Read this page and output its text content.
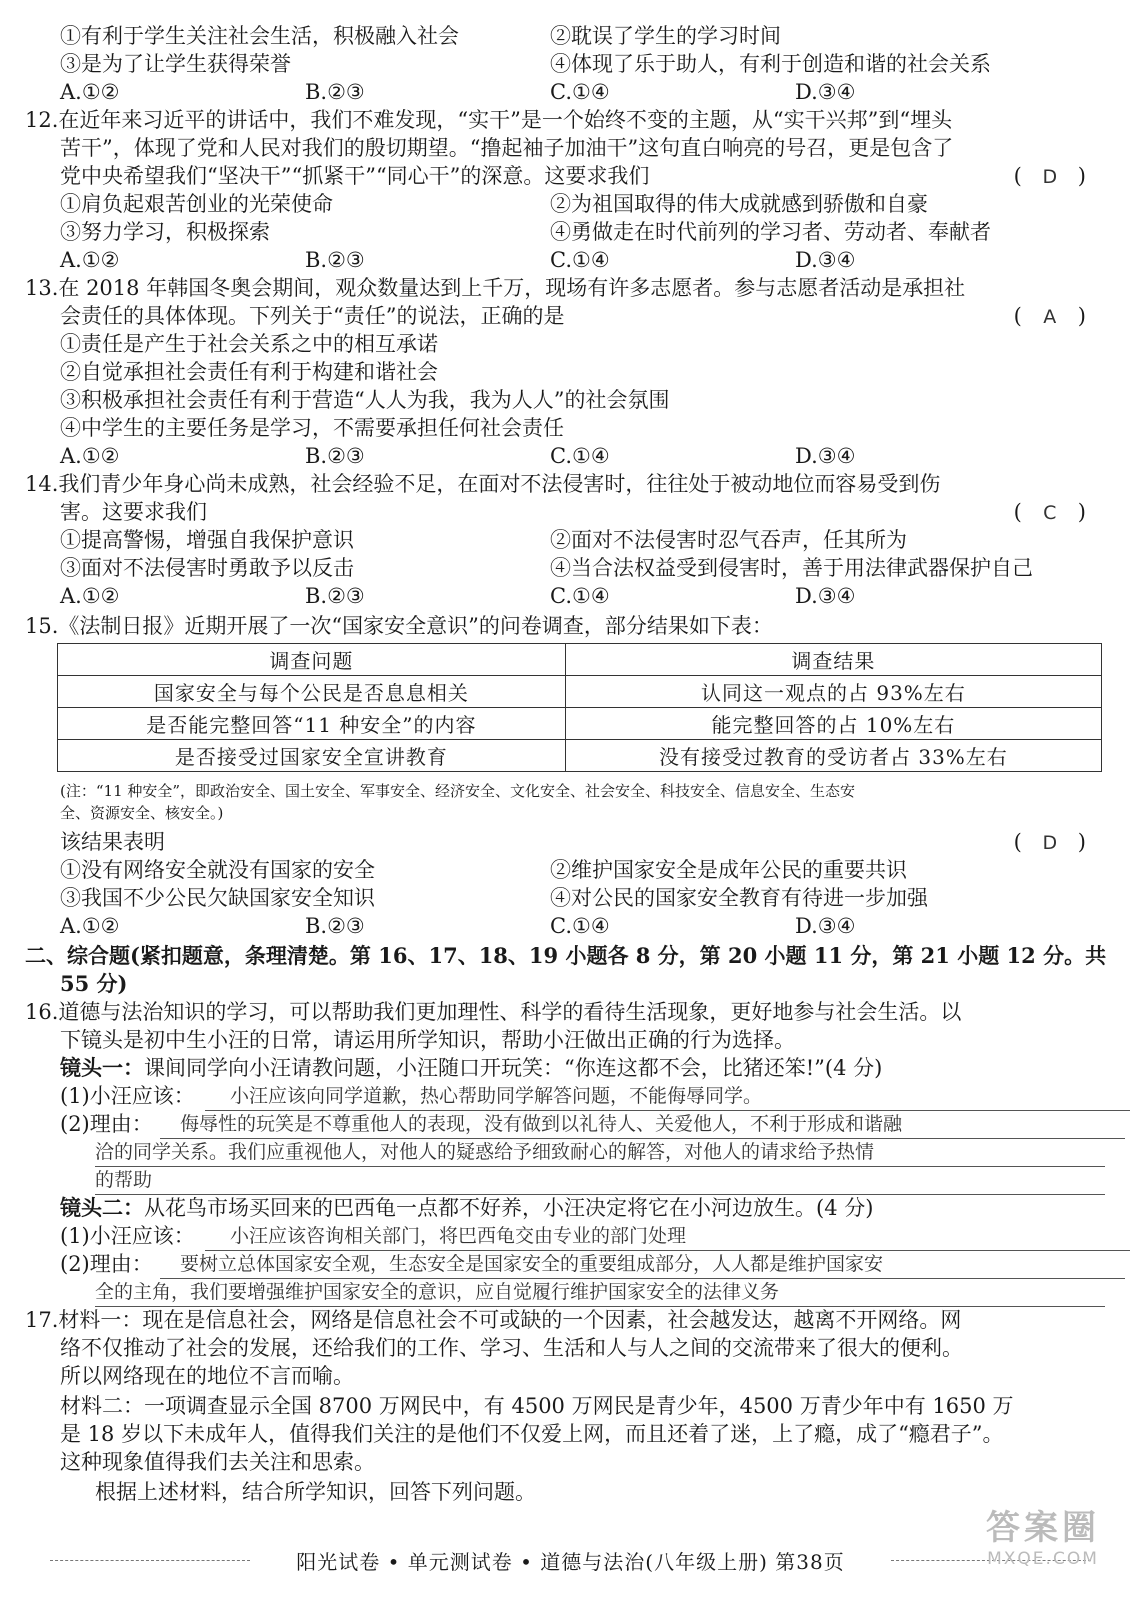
①有利于学生关注社会生活，积极融入社会	②耽误了学生的学习时间
③是为了让学生获得荣誉	④体现了乐于助人，有利于创造和谐的社会关系
A.①②	B.②③	C.①④	D.③④
12.在近年来习近平的讲话中，我们不难发现，“实干”是一个始终不变的主题，从“实干兴邦”到“埋头
苦干”，体现了党和人民对我们的殷切期望。“撸起袖子加油干”这句直白响亮的号召，更是包含了
党中央希望我们“坚决干”“抓紧干”“同心干”的深意。这要求我们	( D )
①肩负起艰苦创业的光荣使命	②为祖国取得的伟大成就感到骄傲和自豪
③努力学习，积极探索	④勇做走在时代前列的学习者、劳动者、奉献者
A.①②	B.②③	C.①④	D.③④
13.在 2018 年韩国冬奥会期间，观众数量达到上千万，现场有许多志愿者。参与志愿者活动是承担社
会责任的具体体现。下列关于“责任”的说法，正确的是	( A )
①责任是产生于社会关系之中的相互承诺
②自觉承担社会责任有利于构建和谐社会
③积极承担社会责任有利于营造“人人为我，我为人人”的社会氛围
④中学生的主要任务是学习，不需要承担任何社会责任
A.①②	B.②③	C.①④	D.③④
14.我们青少年身心尚未成熟，社会经验不足，在面对不法侵害时，往往处于被动地位而容易受到伤
害。这要求我们	( C )
①提高警惕，增强自我保护意识	②面对不法侵害时忍气吞声，任其所为
③面对不法侵害时勇敢予以反击	④当合法权益受到侵害时，善于用法律武器保护自己
A.①②	B.②③	C.①④	D.③④
15.《法制日报》近期开展了一次“国家安全意识”的问卷调查，部分结果如下表：
调查问题	调查结果
国家安全与每个公民是否息息相关	认同这一观点的占 93%左右
是否能完整回答“11 种安全”的内容	能完整回答的占 10%左右
是否接受过国家安全宣讲教育	没有接受过教育的受访者占 33%左右
(注：“11 种安全”，即政治安全、国土安全、军事安全、经济安全、文化安全、社会安全、科技安全、信息安全、生态安
全、资源安全、核安全。)
该结果表明	( D )
①没有网络安全就没有国家的安全	②维护国家安全是成年公民的重要共识
③我国不少公民欠缺国家安全知识	④对公民的国家安全教育有待进一步加强
A.①②	B.②③	C.①④	D.③④
二、综合题(紧扣题意，条理清楚。第 16、17、18、19 小题各 8 分，第 20 小题 11 分，第 21 小题 12 分。共
55 分)
16.道德与法治知识的学习，可以帮助我们更加理性、科学的看待生活现象，更好地参与社会生活。以
下镜头是初中生小汪的日常，请运用所学知识，帮助小汪做出正确的行为选择。
镜头一：课间同学向小汪请教问题，小汪随口开玩笑：“你连这都不会，比猪还笨!”(4 分)
(1)小汪应该：	小汪应该向同学道歉，热心帮助同学解答问题，不能侮辱同学。
(2)理由：	侮辱性的玩笑是不尊重他人的表现，没有做到以礼待人、关爱他人，不利于形成和谐融
洽的同学关系。我们应重视他人，对他人的疑惑给予细致耐心的解答，对他人的请求给予热情
的帮助
镜头二：从花鸟市场买回来的巴西龟一点都不好养，小汪决定将它在小河边放生。(4 分)
(1)小汪应该：	小汪应该咨询相关部门，将巴西龟交由专业的部门处理
(2)理由：	要树立总体国家安全观，生态安全是国家安全的重要组成部分，人人都是维护国家安
全的主角，我们要增强维护国家安全的意识，应自觉履行维护国家安全的法律义务
17.材料一：现在是信息社会，网络是信息社会不可或缺的一个因素，社会越发达，越离不开网络。网
络不仅推动了社会的发展，还给我们的工作、学习、生活和人与人之间的交流带来了很大的便利。
所以网络现在的地位不言而喻。
材料二：一项调查显示全国 8700 万网民中，有 4500 万网民是青少年，4500 万青少年中有 1650 万
是 18 岁以下未成年人，值得我们关注的是他们不仅爱上网，而且还着了迷，上了瘾，成了“瘾君子”。
这种现象值得我们去关注和思索。
根据上述材料，结合所学知识，回答下列问题。
阳光试卷 • 单元测试卷 • 道德与法治(八年级上册) 第38页
答案圈
MXQE.COM
